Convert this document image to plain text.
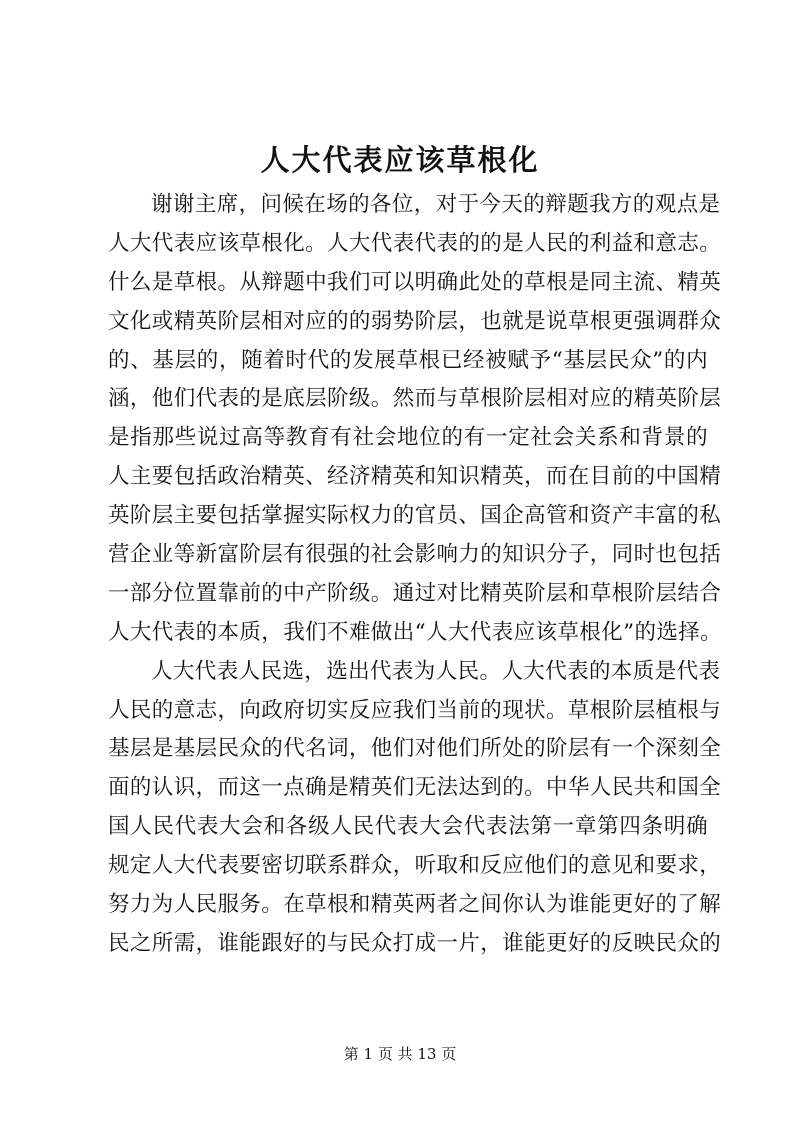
人大代表应该草根化
谢谢主席，问候在场的各位，对于今天的辩题我方的观点是
人大代表应该草根化。人大代表代表的的是人民的利益和意志。
什么是草根。从辩题中我们可以明确此处的草根是同主流、精英
文化或精英阶层相对应的的弱势阶层，也就是说草根更强调群众
的、基层的，随着时代的发展草根已经被赋予“基层民众”的内
涵，他们代表的是底层阶级。然而与草根阶层相对应的精英阶层
是指那些说过高等教育有社会地位的有一定社会关系和背景的
人主要包括政治精英、经济精英和知识精英，而在目前的中国精
英阶层主要包括掌握实际权力的官员、国企高管和资产丰富的私
营企业等新富阶层有很强的社会影响力的知识分子，同时也包括
一部分位置靠前的中产阶级。通过对比精英阶层和草根阶层结合
人大代表的本质，我们不难做出“人大代表应该草根化”的选择。
人大代表人民选，选出代表为人民。人大代表的本质是代表
人民的意志，向政府切实反应我们当前的现状。草根阶层植根与
基层是基层民众的代名词，他们对他们所处的阶层有一个深刻全
面的认识，而这一点确是精英们无法达到的。中华人民共和国全
国人民代表大会和各级人民代表大会代表法第一章第四条明确
规定人大代表要密切联系群众，听取和反应他们的意见和要求，
努力为人民服务。在草根和精英两者之间你认为谁能更好的了解
民之所需，谁能跟好的与民众打成一片，谁能更好的反映民众的
第 1 页 共 13 页
